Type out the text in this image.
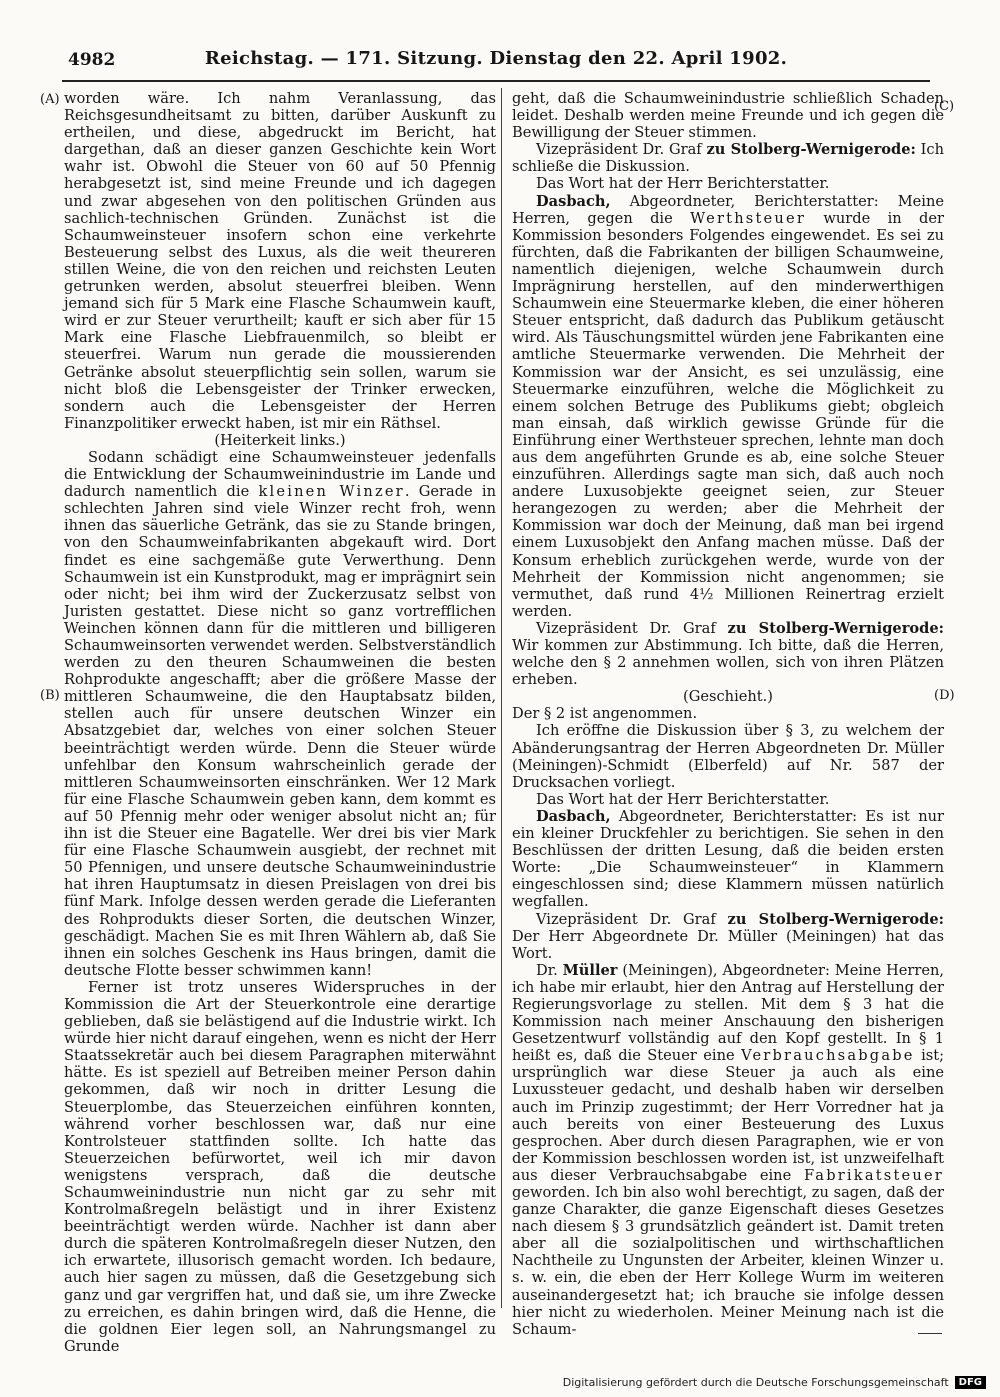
4982	Reichstag. — 171. Sitzung. Dienstag den 22. April 1902.
(A)
(B)
(C)
(D)

worden wäre. Ich nahm Veranlassung, das Reichsgesundheitsamt zu bitten, darüber Auskunft zu ertheilen, und diese, abgedruckt im Bericht, hat dargethan, daß an dieser ganzen Geschichte kein Wort wahr ist. Obwohl die Steuer von 60 auf 50 Pfennig herabgesetzt ist, sind meine Freunde und ich dagegen und zwar abgesehen von den politischen Gründen aus sachlich-technischen Gründen. Zunächst ist die Schaumweinsteuer insofern schon eine verkehrte Besteuerung selbst des Luxus, als die weit theureren stillen Weine, die von den reichen und reichsten Leuten getrunken werden, absolut steuerfrei bleiben. Wenn jemand sich für 5 Mark eine Flasche Schaumwein kauft, wird er zur Steuer verurtheilt; kauft er sich aber für 15 Mark eine Flasche Liebfrauenmilch, so bleibt er steuerfrei. Warum nun gerade die moussierenden Getränke absolut steuerpflichtig sein sollen, warum sie nicht bloß die Lebensgeister der Trinker erwecken, sondern auch die Lebensgeister der Herren Finanzpolitiker erweckt haben, ist mir ein Räthsel.

(Heiterkeit links.)

Sodann schädigt eine Schaumweinsteuer jedenfalls die Entwicklung der Schaumweinindustrie im Lande und dadurch namentlich die kleinen Winzer. Gerade in schlechten Jahren sind viele Winzer recht froh, wenn ihnen das säuerliche Getränk, das sie zu Stande bringen, von den Schaumweinfabrikanten abgekauft wird. Dort findet es eine sachgemäße gute Verwerthung. Denn Schaumwein ist ein Kunstprodukt, mag er imprägnirt sein oder nicht; bei ihm wird der Zuckerzusatz selbst von Juristen gestattet. Diese nicht so ganz vortrefflichen Weinchen können dann für die mittleren und billigeren Schaumweinsorten verwendet werden. Selbstverständlich werden zu den theuren Schaumweinen die besten Rohprodukte angeschafft; aber die größere Masse der mittleren Schaumweine, die den Hauptabsatz bilden, stellen auch für unsere deutschen Winzer ein Absatzgebiet dar, welches von einer solchen Steuer beeinträchtigt werden würde. Denn die Steuer würde unfehlbar den Konsum wahrscheinlich gerade der mittleren Schaumweinsorten einschränken. Wer 12 Mark für eine Flasche Schaumwein geben kann, dem kommt es auf 50 Pfennig mehr oder weniger absolut nicht an; für ihn ist die Steuer eine Bagatelle. Wer drei bis vier Mark für eine Flasche Schaumwein ausgiebt, der rechnet mit 50 Pfennigen, und unsere deutsche Schaumweinindustrie hat ihren Hauptumsatz in diesen Preislagen von drei bis fünf Mark. Infolge dessen werden gerade die Lieferanten des Rohprodukts dieser Sorten, die deutschen Winzer, geschädigt. Machen Sie es mit Ihren Wählern ab, daß Sie ihnen ein solches Geschenk ins Haus bringen, damit die deutsche Flotte besser schwimmen kann!

Ferner ist trotz unseres Widerspruches in der Kommission die Art der Steuerkontrole eine derartige geblieben, daß sie belästigend auf die Industrie wirkt. Ich würde hier nicht darauf eingehen, wenn es nicht der Herr Staatssekretär auch bei diesem Paragraphen miterwähnt hätte. Es ist speziell auf Betreiben meiner Person dahin gekommen, daß wir noch in dritter Lesung die Steuerplombe, das Steuerzeichen einführen konnten, während vorher beschlossen war, daß nur eine Kontrolsteuer stattfinden sollte. Ich hatte das Steuerzeichen befürwortet, weil ich mir davon wenigstens versprach, daß die deutsche Schaumweinindustrie nun nicht gar zu sehr mit Kontrolmaßregeln belästigt und in ihrer Existenz beeinträchtigt werden würde. Nachher ist dann aber durch die späteren Kontrolmaßregeln dieser Nutzen, den ich erwartete, illusorisch gemacht worden. Ich bedaure, auch hier sagen zu müssen, daß die Gesetzgebung sich ganz und gar vergriffen hat, und daß sie, um ihre Zwecke zu erreichen, es dahin bringen wird, daß die Henne, die die goldnen Eier legen soll, an Nahrungsmangel zu Grunde

geht, daß die Schaumweinindustrie schließlich Schaden leidet. Deshalb werden meine Freunde und ich gegen die Bewilligung der Steuer stimmen.

Vizepräsident Dr. Graf zu Stolberg-Wernigerode: Ich schließe die Diskussion.

Das Wort hat der Herr Berichterstatter.

Dasbach, Abgeordneter, Berichterstatter: Meine Herren, gegen die Werthsteuer wurde in der Kommission besonders Folgendes eingewendet. Es sei zu fürchten, daß die Fabrikanten der billigen Schaumweine, namentlich diejenigen, welche Schaumwein durch Imprägnirung herstellen, auf den minderwerthigen Schaumwein eine Steuermarke kleben, die einer höheren Steuer entspricht, daß dadurch das Publikum getäuscht wird. Als Täuschungsmittel würden jene Fabrikanten eine amtliche Steuermarke verwenden. Die Mehrheit der Kommission war der Ansicht, es sei unzulässig, eine Steuermarke einzuführen, welche die Möglichkeit zu einem solchen Betruge des Publikums giebt; obgleich man einsah, daß wirklich gewisse Gründe für die Einführung einer Werthsteuer sprechen, lehnte man doch aus dem angeführten Grunde es ab, eine solche Steuer einzuführen. Allerdings sagte man sich, daß auch noch andere Luxusobjekte geeignet seien, zur Steuer herangezogen zu werden; aber die Mehrheit der Kommission war doch der Meinung, daß man bei irgend einem Luxusobjekt den Anfang machen müsse. Daß der Konsum erheblich zurückgehen werde, wurde von der Mehrheit der Kommission nicht angenommen; sie vermuthet, daß rund 4½ Millionen Reinertrag erzielt werden.

Vizepräsident Dr. Graf zu Stolberg-Wernigerode: Wir kommen zur Abstimmung. Ich bitte, daß die Herren, welche den § 2 annehmen wollen, sich von ihren Plätzen erheben.

(Geschieht.)

Der § 2 ist angenommen.

Ich eröffne die Diskussion über § 3, zu welchem der Abänderungsantrag der Herren Abgeordneten Dr. Müller (Meiningen)-Schmidt (Elberfeld) auf Nr. 587 der Drucksachen vorliegt.

Das Wort hat der Herr Berichterstatter.

Dasbach, Abgeordneter, Berichterstatter: Es ist nur ein kleiner Druckfehler zu berichtigen. Sie sehen in den Beschlüssen der dritten Lesung, daß die beiden ersten Worte: „Die Schaumweinsteuer“ in Klammern eingeschlossen sind; diese Klammern müssen natürlich wegfallen.

Vizepräsident Dr. Graf zu Stolberg-Wernigerode: Der Herr Abgeordnete Dr. Müller (Meiningen) hat das Wort.

Dr. Müller (Meiningen), Abgeordneter: Meine Herren, ich habe mir erlaubt, hier den Antrag auf Herstellung der Regierungsvorlage zu stellen. Mit dem § 3 hat die Kommission nach meiner Anschauung den bisherigen Gesetzentwurf vollständig auf den Kopf gestellt. In § 1 heißt es, daß die Steuer eine Verbrauchsabgabe ist; ursprünglich war diese Steuer ja auch als eine Luxussteuer gedacht, und deshalb haben wir derselben auch im Prinzip zugestimmt; der Herr Vorredner hat ja auch bereits von einer Besteuerung des Luxus gesprochen. Aber durch diesen Paragraphen, wie er von der Kommission beschlossen worden ist, ist unzweifelhaft aus dieser Verbrauchsabgabe eine Fabrikatsteuer geworden. Ich bin also wohl berechtigt, zu sagen, daß der ganze Charakter, die ganze Eigenschaft dieses Gesetzes nach diesem § 3 grundsätzlich geändert ist. Damit treten aber all die sozialpolitischen und wirthschaftlichen Nachtheile zu Ungunsten der Arbeiter, kleinen Winzer u. s. w. ein, die eben der Herr Kollege Wurm im weiteren auseinandergesetzt hat; ich brauche sie infolge dessen hier nicht zu wiederholen. Meiner Meinung nach ist die Schaum-

Digitalisierung gefördert durch die Deutsche Forschungsgemeinschaft	DFG
